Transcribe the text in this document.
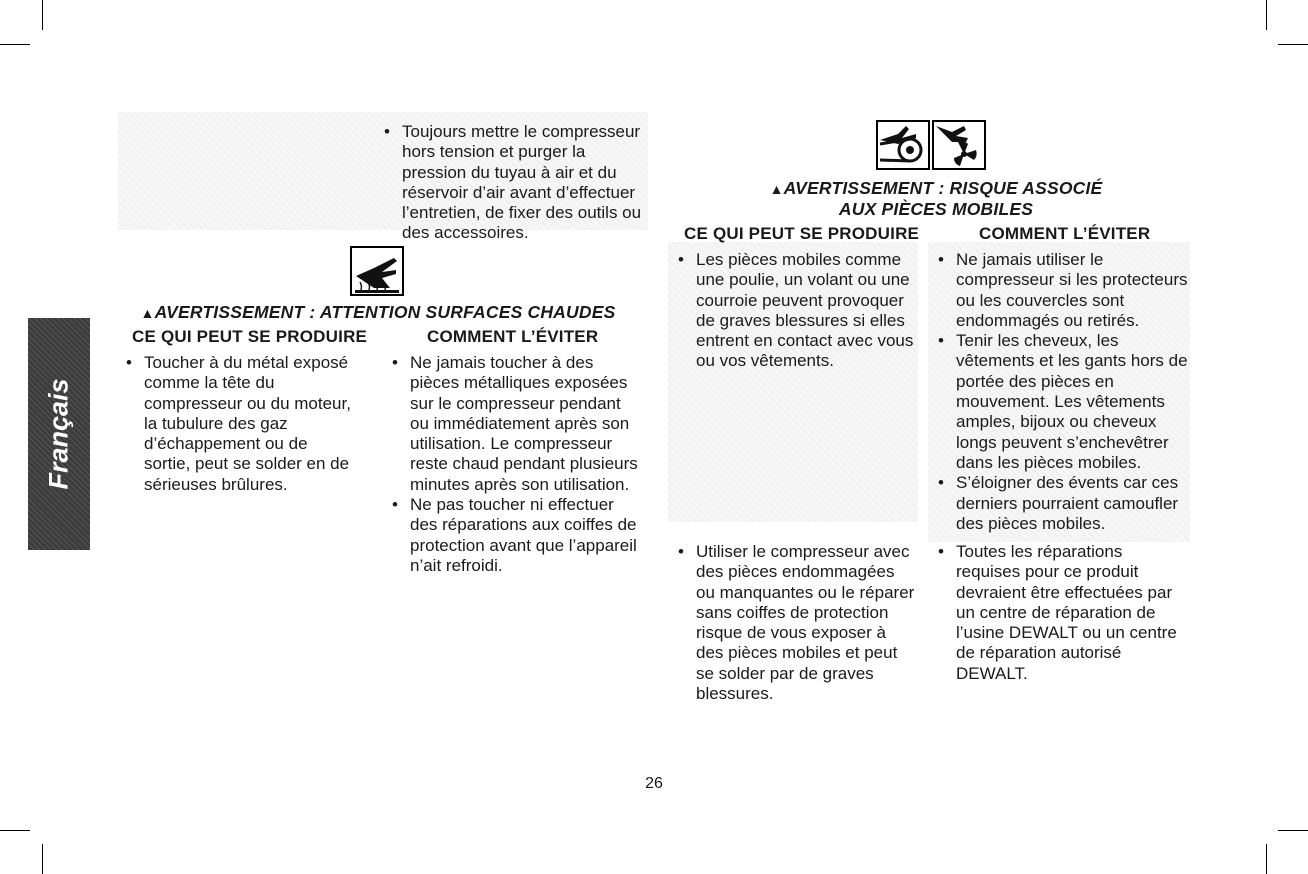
Français
• Toujours mettre le compresseur hors tension et purger la pression du tuyau à air et du réservoir d’air avant d’effectuer l’entretien, de fixer des outils ou des accessoires.
▲AVERTISSEMENT : ATTENTION SURFACES CHAUDES
CE QUI PEUT SE PRODUIRE	COMMENT L’ÉVITER
• Toucher à du métal exposé comme la tête du compresseur ou du moteur, la tubulure des gaz d’échappement ou de sortie, peut se solder en de sérieuses brûlures.
• Ne jamais toucher à des pièces métalliques exposées sur le compresseur pendant ou immédiatement après son utilisation. Le compresseur reste chaud pendant plusieurs minutes après son utilisation.
• Ne pas toucher ni effectuer des réparations aux coiffes de protection avant que l’appareil n’ait refroidi.
▲AVERTISSEMENT : RISQUE ASSOCIÉ
AUX PIÈCES MOBILES
CE QUI PEUT SE PRODUIRE	COMMENT L’ÉVITER
• Les pièces mobiles comme une poulie, un volant ou une courroie peuvent provoquer de graves blessures si elles entrent en contact avec vous ou vos vêtements.
• Ne jamais utiliser le compresseur si les protecteurs ou les couvercles sont endommagés ou retirés.
• Tenir les cheveux, les vêtements et les gants hors de portée des pièces en mouvement. Les vêtements amples, bijoux ou cheveux longs peuvent s’enchevêtrer dans les pièces mobiles.
• S’éloigner des évents car ces derniers pourraient camoufler des pièces mobiles.
• Utiliser le compresseur avec des pièces endommagées ou manquantes ou le réparer sans coiffes de protection risque de vous exposer à des pièces mobiles et peut se solder par de graves blessures.
• Toutes les réparations requises pour ce produit devraient être effectuées par un centre de réparation de l’usine DEWALT ou un centre de réparation autorisé DEWALT.
26
